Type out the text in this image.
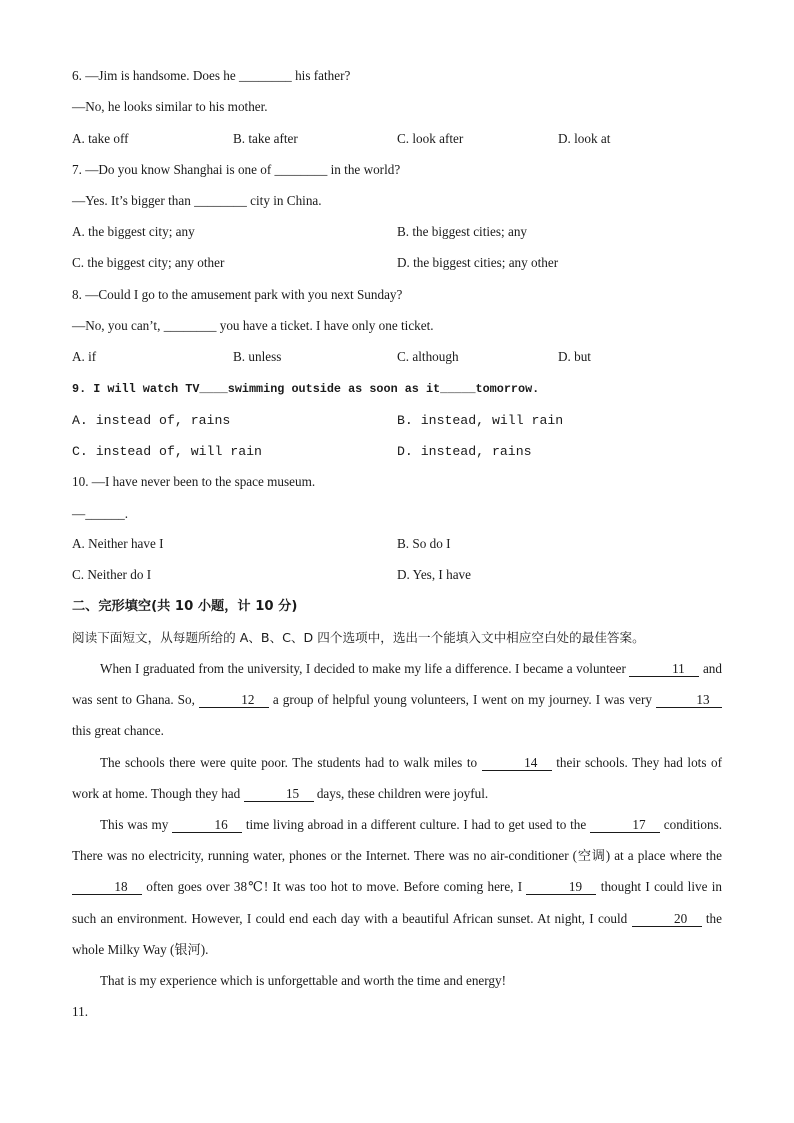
6. —Jim is handsome. Does he ________ his father?
—No, he looks similar to his mother.
A. take off	B. take after	C. look after	D. look at
7. —Do you know Shanghai is one of ________ in the world?
—Yes. It’s bigger than ________ city in China.
A. the biggest city; any	B. the biggest cities; any
C. the biggest city; any other	D. the biggest cities; any other
8. —Could I go to the amusement park with you next Sunday?
—No, you can’t, ________ you have a ticket. I have only one ticket.
A. if	B. unless	C. although	D. but
9. I will watch TV____swimming outside as soon as it_____tomorrow.
A. instead of, rains	B. instead, will rain
C. instead of, will rain	D. instead, rains
10. —I have never been to the space museum.
—______.
A. Neither have I	B. So do I
C. Neither do I	D. Yes, I have
二、完形填空(共 10 小题，计 10 分)
阅读下面短文，从每题所给的 A、B、C、D 四个选项中，选出一个能填入文中相应空白处的最佳答案。

When I graduated from the university, I decided to make my life a difference. I became a volunteer	11 and was sent to Ghana. So,	12 a group of helpful young volunteers, I went on my journey. I was very	13 this great chance.

The schools there were quite poor. The students had to walk miles to	14 their schools. They had lots of work at home. Though they had	15 days, these children were joyful.

This was my	16 time living abroad in a different culture. I had to get used to the	17 conditions. There was no electricity, running water, phones or the Internet. There was no air-conditioner (空调) at a place where the 18 often goes over 38℃! It was too hot to move. Before coming here, I	19 thought I could live in such an environment. However, I could end each day with a beautiful African sunset. At night, I could	20 the whole Milky Way (银河).

That is my experience which is unforgettable and worth the time and energy!

11.
